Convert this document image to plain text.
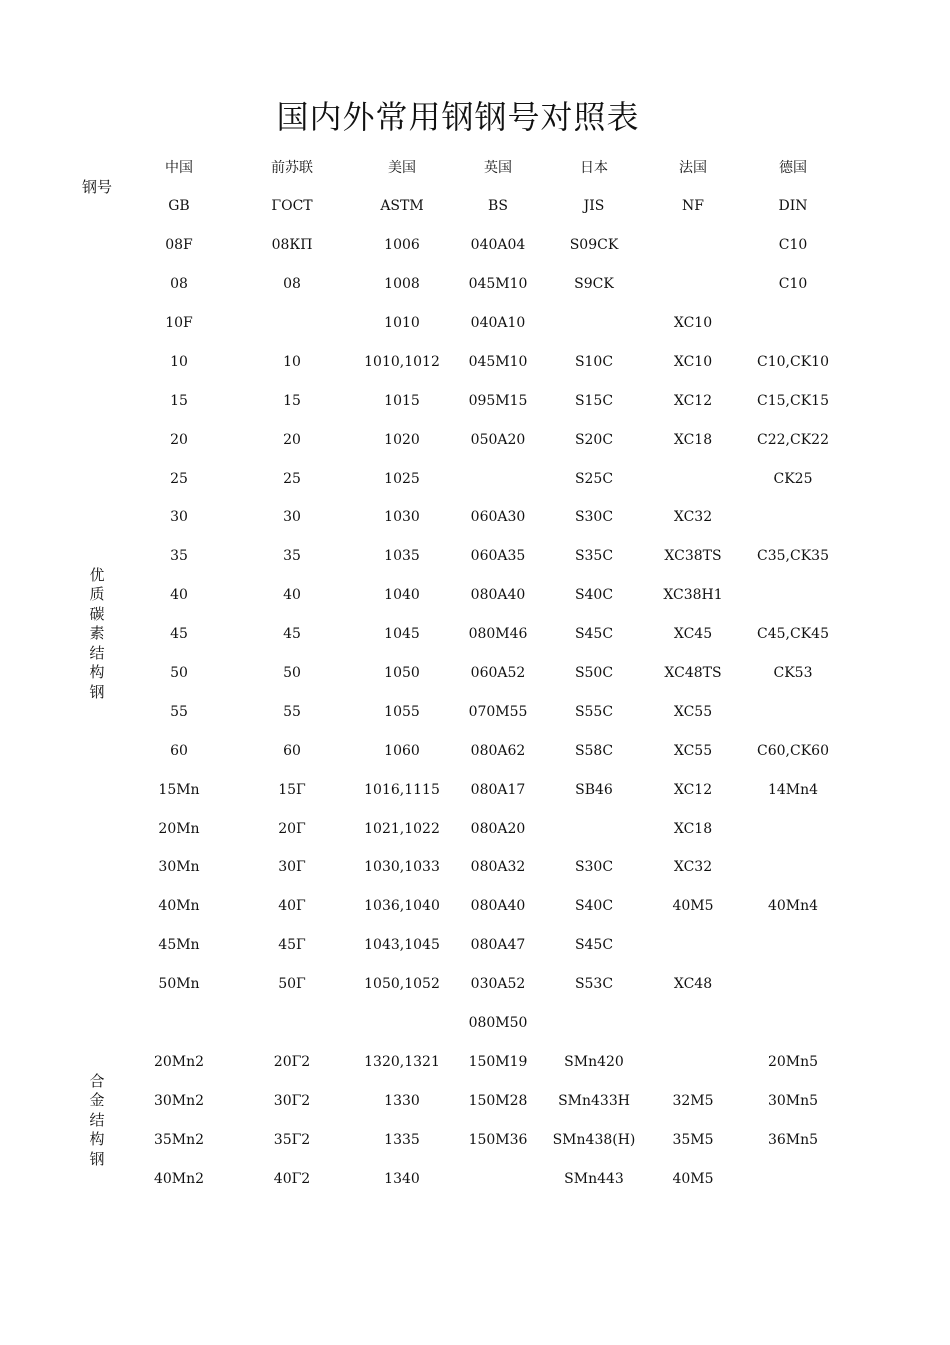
国内外常用钢钢号对照表
钢号	中国	前苏联	美国	英国	日本	法国	德国
	GB	ΓOCT	ASTM	BS	JIS	NF	DIN
优质碳素结构钢	08F	08КП	1006	040A04	S09CK		C10
	08	08	1008	045M10	S9CK		C10
	10F		1010	040A10		XC10	
	10	10	1010,1012	045M10	S10C	XC10	C10,CK10
	15	15	1015	095M15	S15C	XC12	C15,CK15
	20	20	1020	050A20	S20C	XC18	C22,CK22
	25	25	1025		S25C		CK25
	30	30	1030	060A30	S30C	XC32	
	35	35	1035	060A35	S35C	XC38TS	C35,CK35
	40	40	1040	080A40	S40C	XC38H1	
	45	45	1045	080M46	S45C	XC45	C45,CK45
	50	50	1050	060A52	S50C	XC48TS	CK53
	55	55	1055	070M55	S55C	XC55	
	60	60	1060	080A62	S58C	XC55	C60,CK60
	15Mn	15Γ	1016,1115	080A17	SB46	XC12	14Mn4
	20Mn	20Γ	1021,1022	080A20		XC18	
	30Mn	30Γ	1030,1033	080A32	S30C	XC32	
	40Mn	40Γ	1036,1040	080A40	S40C	40M5	40Mn4
	45Mn	45Γ	1043,1045	080A47	S45C		
	50Mn	50Γ	1050,1052	030A52	S53C	XC48	
				080M50			
合金结构钢	20Mn2	20Γ2	1320,1321	150M19	SMn420		20Mn5
	30Mn2	30Γ2	1330	150M28	SMn433H	32M5	30Mn5
	35Mn2	35Γ2	1335	150M36	SMn438(H)	35M5	36Mn5
	40Mn2	40Γ2	1340		SMn443	40M5	
